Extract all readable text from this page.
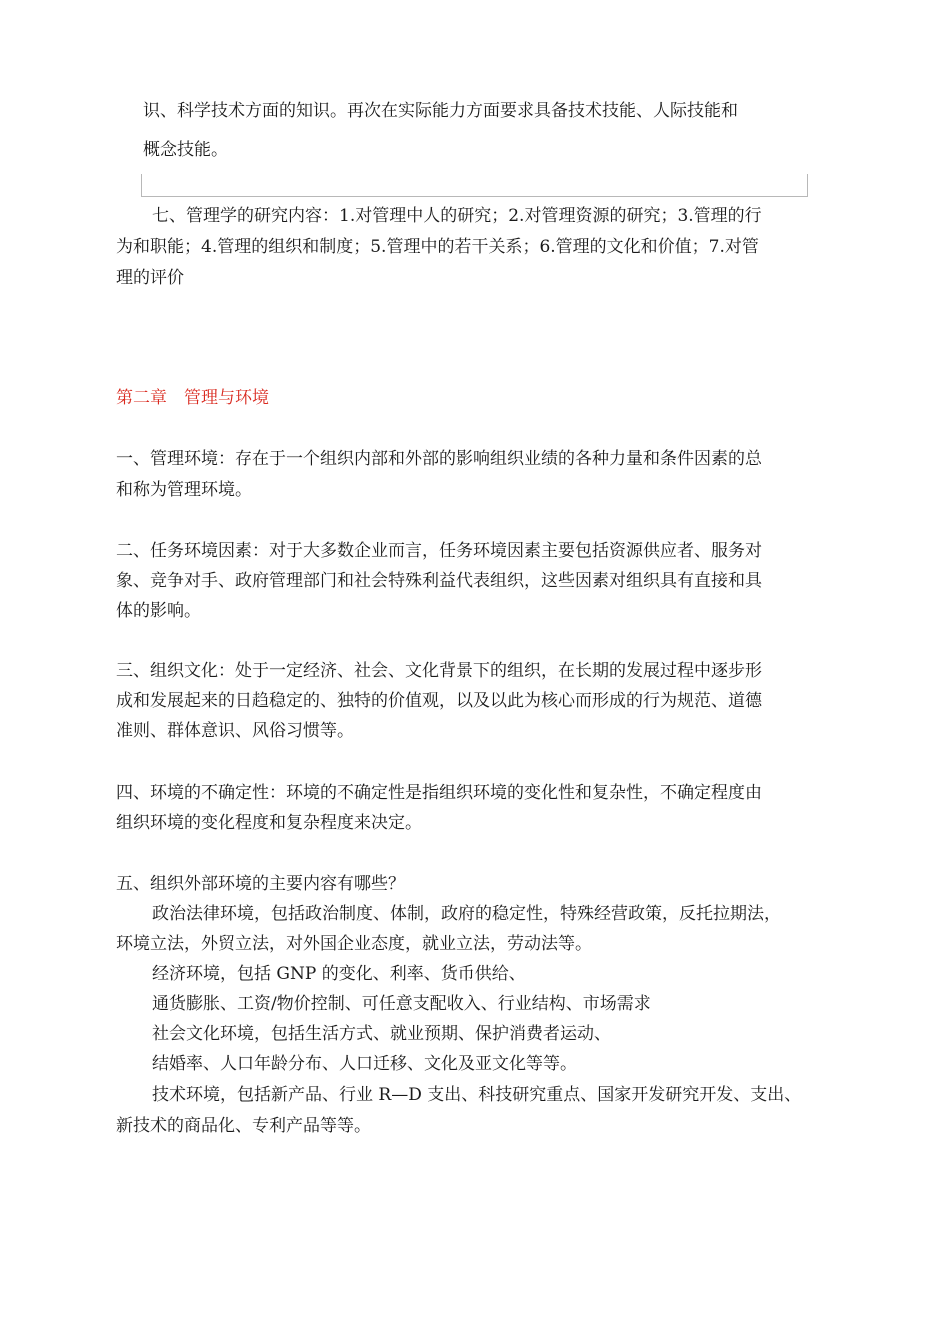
识、科学技术方面的知识。再次在实际能力方面要求具备技术技能、人际技能和
概念技能。
七、管理学的研究内容：1.对管理中人的研究；2.对管理资源的研究；3.管理的行
为和职能；4.管理的组织和制度；5.管理中的若干关系；6.管理的文化和价值；7.对管
理的评价
第二章　管理与环境
一、管理环境：存在于一个组织内部和外部的影响组织业绩的各种力量和条件因素的总
和称为管理环境。
二、任务环境因素：对于大多数企业而言，任务环境因素主要包括资源供应者、服务对
象、竞争对手、政府管理部门和社会特殊利益代表组织，这些因素对组织具有直接和具
体的影响。
三、组织文化：处于一定经济、社会、文化背景下的组织，在长期的发展过程中逐步形
成和发展起来的日趋稳定的、独特的价值观，以及以此为核心而形成的行为规范、道德
准则、群体意识、风俗习惯等。
四、环境的不确定性：环境的不确定性是指组织环境的变化性和复杂性，不确定程度由
组织环境的变化程度和复杂程度来决定。
五、组织外部环境的主要内容有哪些？
政治法律环境，包括政治制度、体制，政府的稳定性，特殊经营政策，反托拉期法，
环境立法，外贸立法，对外国企业态度，就业立法，劳动法等。
经济环境，包括 GNP 的变化、利率、货币供给、
通货膨胀、工资/物价控制、可任意支配收入、行业结构、市场需求
社会文化环境，包括生活方式、就业预期、保护消费者运动、
结婚率、人口年龄分布、人口迁移、文化及亚文化等等。
技术环境，包括新产品、行业 R—D 支出、科技研究重点、国家开发研究开发、支出、
新技术的商品化、专利产品等等。
